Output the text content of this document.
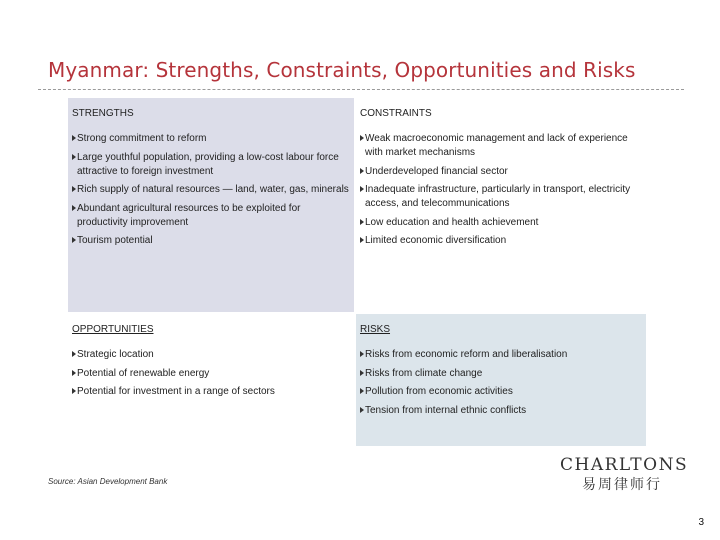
Myanmar: Strengths, Constraints, Opportunities and Risks
STRENGTHS
Strong commitment to reform
Large youthful population, providing a low-cost labour force attractive to foreign investment
Rich supply of natural resources — land, water, gas, minerals
Abundant agricultural resources to be exploited for productivity improvement
Tourism potential
CONSTRAINTS
Weak macroeconomic management and lack of experience with market mechanisms
Underdeveloped financial sector
Inadequate infrastructure, particularly in transport, electricity access, and telecommunications
Low education and health achievement
Limited economic diversification
OPPORTUNITIES
Strategic location
Potential of renewable energy
Potential for investment in a range of sectors
RISKS
Risks from economic reform and liberalisation
Risks from climate change
Pollution from economic activities
Tension from internal ethnic conflicts
Source: Asian Development Bank
CHARLTONS
易周律师行
3
